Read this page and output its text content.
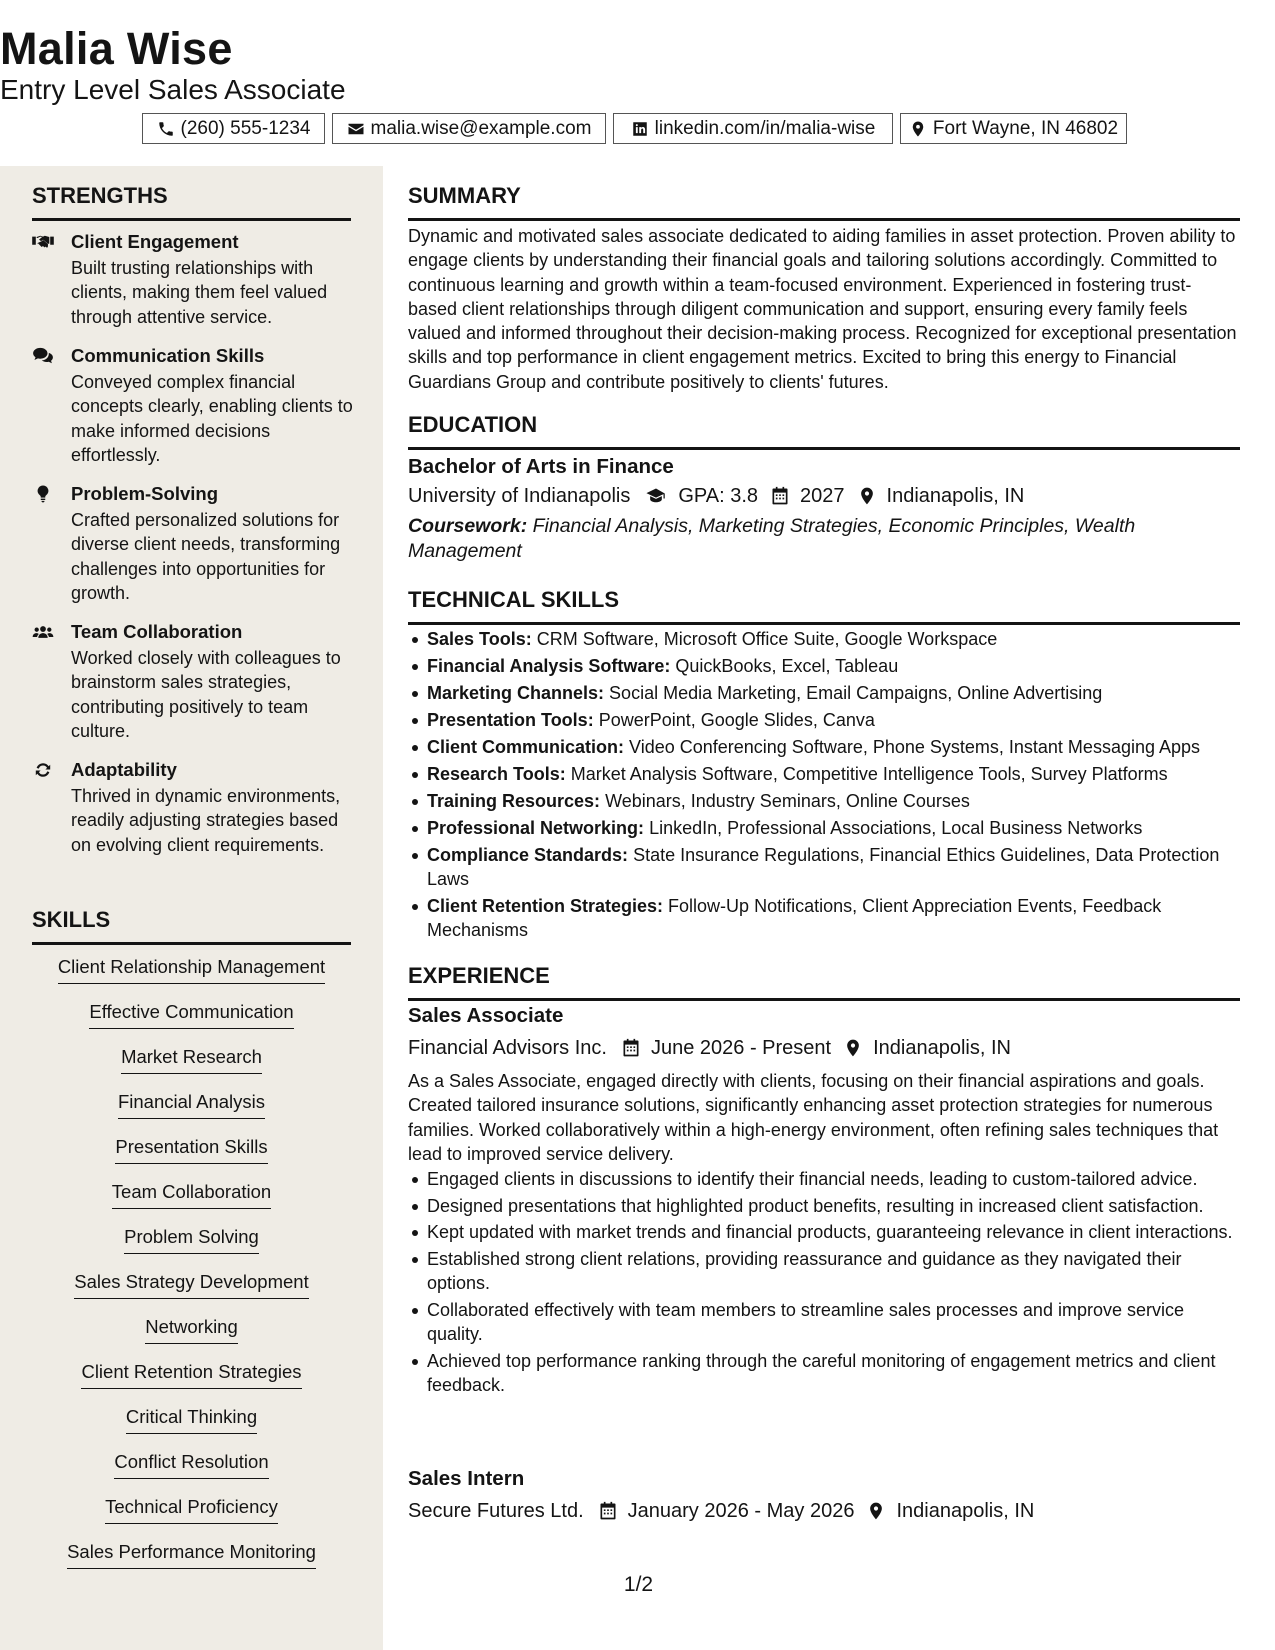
Malia Wise
Entry Level Sales Associate
(260) 555-1234	malia.wise@example.com	linkedin.com/in/malia-wise	Fort Wayne, IN 46802
STRENGTHS
Client Engagement
Built trusting relationships with clients, making them feel valued through attentive service.
Communication Skills
Conveyed complex financial concepts clearly, enabling clients to make informed decisions effortlessly.
Problem-Solving
Crafted personalized solutions for diverse client needs, transforming challenges into opportunities for growth.
Team Collaboration
Worked closely with colleagues to brainstorm sales strategies, contributing positively to team culture.
Adaptability
Thrived in dynamic environments, readily adjusting strategies based on evolving client requirements.
SKILLS
Client Relationship Management
Effective Communication
Market Research
Financial Analysis
Presentation Skills
Team Collaboration
Problem Solving
Sales Strategy Development
Networking
Client Retention Strategies
Critical Thinking
Conflict Resolution
Technical Proficiency
Sales Performance Monitoring
SUMMARY
Dynamic and motivated sales associate dedicated to aiding families in asset protection. Proven ability to engage clients by understanding their financial goals and tailoring solutions accordingly. Committed to continuous learning and growth within a team-focused environment. Experienced in fostering trust-based client relationships through diligent communication and support, ensuring every family feels valued and informed throughout their decision-making process. Recognized for exceptional presentation skills and top performance in client engagement metrics. Excited to bring this energy to Financial Guardians Group and contribute positively to clients' futures.
EDUCATION
Bachelor of Arts in Finance
University of Indianapolis GPA: 3.8 2027 Indianapolis, IN
Coursework: Financial Analysis, Marketing Strategies, Economic Principles, Wealth Management
TECHNICAL SKILLS
Sales Tools: CRM Software, Microsoft Office Suite, Google Workspace
Financial Analysis Software: QuickBooks, Excel, Tableau
Marketing Channels: Social Media Marketing, Email Campaigns, Online Advertising
Presentation Tools: PowerPoint, Google Slides, Canva
Client Communication: Video Conferencing Software, Phone Systems, Instant Messaging Apps
Research Tools: Market Analysis Software, Competitive Intelligence Tools, Survey Platforms
Training Resources: Webinars, Industry Seminars, Online Courses
Professional Networking: LinkedIn, Professional Associations, Local Business Networks
Compliance Standards: State Insurance Regulations, Financial Ethics Guidelines, Data Protection Laws
Client Retention Strategies: Follow-Up Notifications, Client Appreciation Events, Feedback Mechanisms
EXPERIENCE
Sales Associate
Financial Advisors Inc. June 2026 - Present Indianapolis, IN
As a Sales Associate, engaged directly with clients, focusing on their financial aspirations and goals. Created tailored insurance solutions, significantly enhancing asset protection strategies for numerous families. Worked collaboratively within a high-energy environment, often refining sales techniques that lead to improved service delivery.
Engaged clients in discussions to identify their financial needs, leading to custom-tailored advice.
Designed presentations that highlighted product benefits, resulting in increased client satisfaction.
Kept updated with market trends and financial products, guaranteeing relevance in client interactions.
Established strong client relations, providing reassurance and guidance as they navigated their options.
Collaborated effectively with team members to streamline sales processes and improve service quality.
Achieved top performance ranking through the careful monitoring of engagement metrics and client feedback.
Sales Intern
Secure Futures Ltd. January 2026 - May 2026 Indianapolis, IN
1/2
